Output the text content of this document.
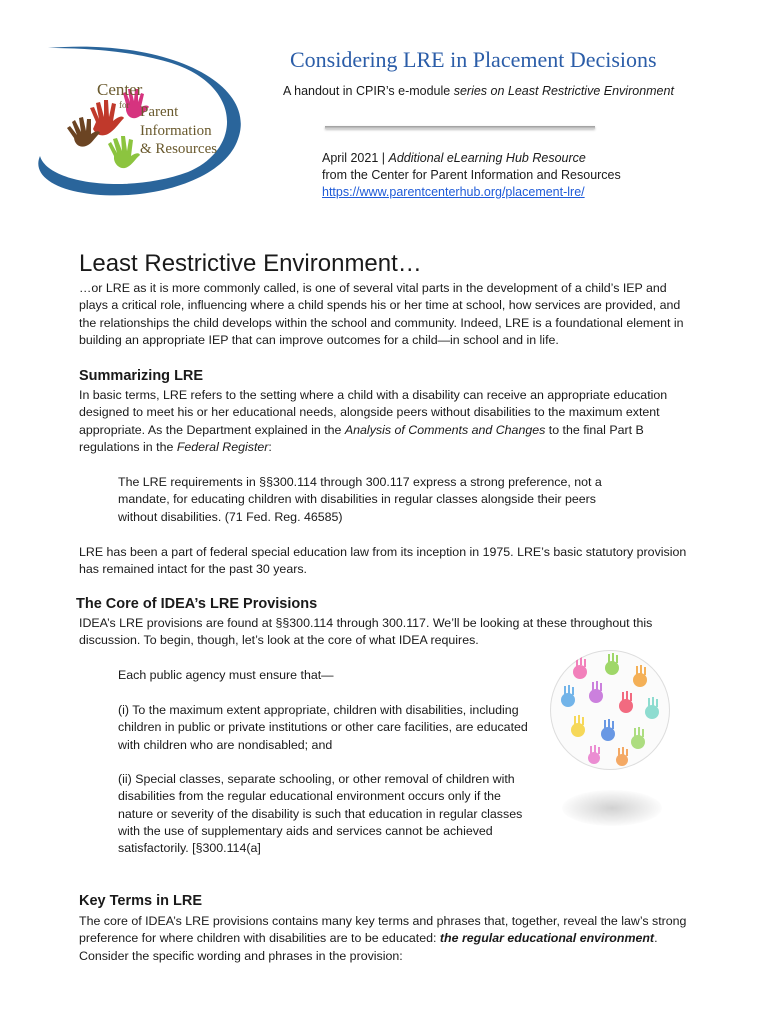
Center
for Parent
Information
& Resources
Considering LRE in Placement Decisions
A handout in CPIR’s e-module series on Least Restrictive Environment
April 2021 | Additional eLearning Hub Resource
from the Center for Parent Information and Resources
https://www.parentcenterhub.org/placement-lre/
Least Restrictive Environment…
…or LRE as it is more commonly called, is one of several vital parts in the development of a child’s IEP and plays a critical role, influencing where a child spends his or her time at school, how services are provided, and the relationships the child develops within the school and community. Indeed, LRE is a foundational element in building an appropriate IEP that can improve outcomes for a child—in school and in life.
Summarizing LRE
In basic terms, LRE refers to the setting where a child with a disability can receive an appropriate education designed to meet his or her educational needs, alongside peers without disabilities to the maximum extent appropriate. As the Department explained in the Analysis of Comments and Changes to the final Part B regulations in the Federal Register:
The LRE requirements in §§300.114 through 300.117 express a strong preference, not a mandate, for educating children with disabilities in regular classes alongside their peers without disabilities. (71 Fed. Reg. 46585)
LRE has been a part of federal special education law from its inception in 1975. LRE’s basic statutory provision has remained intact for the past 30 years.
The Core of IDEA’s LRE Provisions
IDEA’s LRE provisions are found at §§300.114 through 300.117. We’ll be looking at these throughout this discussion. To begin, though, let’s look at the core of what IDEA requires.
Each public agency must ensure that—
(i) To the maximum extent appropriate, children with disabilities, including children in public or private institutions or other care facilities, are educated with children who are nondisabled; and
(ii) Special classes, separate schooling, or other removal of children with disabilities from the regular educational environment occurs only if the nature or severity of the disability is such that education in regular classes with the use of supplementary aids and services cannot be achieved satisfactorily. [§300.114(a]
Key Terms in LRE
The core of IDEA’s LRE provisions contains many key terms and phrases that, together, reveal the law’s strong preference for where children with disabilities are to be educated: the regular educational environment. Consider the specific wording and phrases in the provision:
